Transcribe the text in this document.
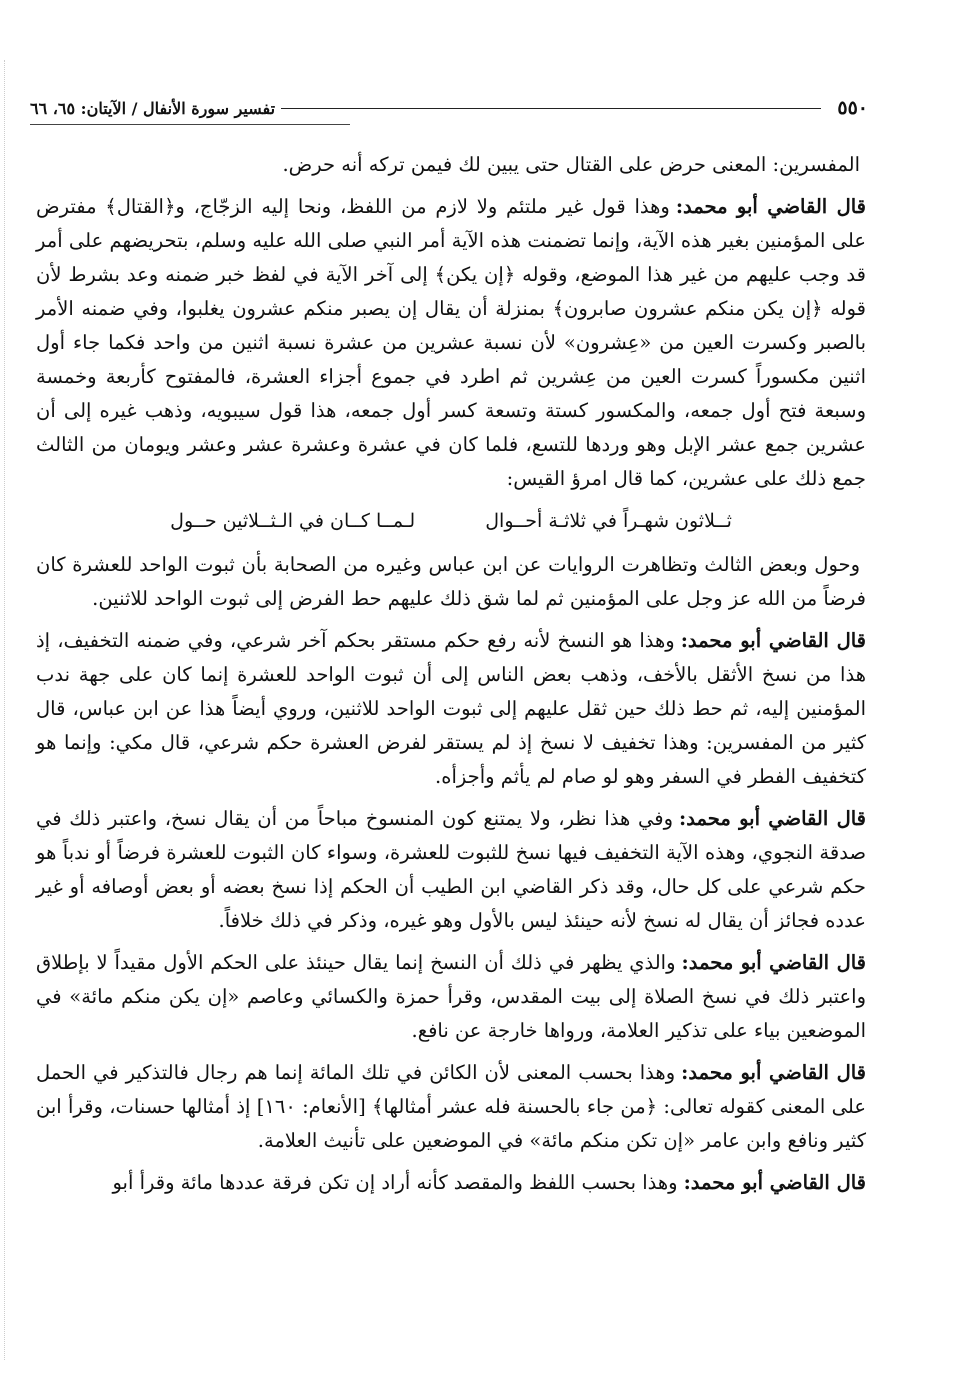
٥٥٠
تفسير سورة الأنفال / الآيتان: ٦٥، ٦٦

المفسرين: المعنى حرض على القتال حتى يبين لك فيمن تركه أنه حرض.

قال القاضي أبو محمد:وهذا قول غير ملتئم ولا لازم من اللفظ، ونحا إليه الزجّاج، و﴿القتال﴾ مفترض على المؤمنين بغير هذه الآية، وإنما تضمنت هذه الآية أمر النبي صلى الله عليه وسلم، بتحريضهم على أمر قد وجب عليهم من غير هذا الموضع، وقوله ﴿إن يكن﴾ إلى آخر الآية في لفظ خبر ضمنه وعد بشرط لأن قوله ﴿إن يكن منكم عشرون صابرون﴾ بمنزلة أن يقال إن يصبر منكم عشرون يغلبوا، وفي ضمنه الأمر بالصبر وكسرت العين من «عِشرون» لأن نسبة عشرين من عشرة نسبة اثنين من واحد فكما جاء أول اثنين مكسوراً كسرت العين من عِشرين ثم اطرد في جموع أجزاء العشرة، فالمفتوح كأربعة وخمسة وسبعة فتح أول جمعه، والمكسور كستة وتسعة كسر أول جمعه، هذا قول سيبويه، وذهب غيره إلى أن عشرين جمع عشر الإبل وهو وردها للتسع، فلما كان في عشرة وعشرة عشر وعشر ويومان من الثالث جمع ذلك على عشرين، كما قال امرؤ القيس:

ثــلاثون شهـراً في ثلاثـة أحــوال
لـمــا كــان في الـثــلاثين حــول

وحول وبعض الثالث وتظاهرت الروايات عن ابن عباس وغيره من الصحابة بأن ثبوت الواحد للعشرة كان فرضاً من الله عز وجل على المؤمنين ثم لما شق ذلك عليهم حط الفرض إلى ثبوت الواحد للاثنين.

قال القاضي أبو محمد:وهذا هو النسخ لأنه رفع حكم مستقر بحكم آخر شرعي، وفي ضمنه التخفيف، إذ هذا من نسخ الأثقل بالأخف، وذهب بعض الناس إلى أن ثبوت الواحد للعشرة إنما كان على جهة ندب المؤمنين إليه، ثم حط ذلك حين ثقل عليهم إلى ثبوت الواحد للاثنين، وروي أيضاً هذا عن ابن عباس، قال كثير من المفسرين: وهذا تخفيف لا نسخ إذ لم يستقر لفرض العشرة حكم شرعي، قال مكي: وإنما هو كتخفيف الفطر في السفر وهو لو صام لم يأثم وأجزأه.

قال القاضي أبو محمد:وفي هذا نظر، ولا يمتنع كون المنسوخ مباحاً من أن يقال نسخ، واعتبر ذلك في صدقة النجوي، وهذه الآية التخفيف فيها نسخ للثبوت للعشرة، وسواء كان الثبوت للعشرة فرضاً أو ندباً هو حكم شرعي على كل حال، وقد ذكر القاضي ابن الطيب أن الحكم إذا نسخ بعضه أو بعض أوصافه أو غير عدده فجائز أن يقال له نسخ لأنه حينئذ ليس بالأول وهو غيره، وذكر في ذلك خلافاً.

قال القاضي أبو محمد:والذي يظهر في ذلك أن النسخ إنما يقال حينئذ على الحكم الأول مقيداً لا بإطلاق واعتبر ذلك في نسخ الصلاة إلى بيت المقدس، وقرأ حمزة والكسائي وعاصم «إن يكن منكم مائة» في الموضعين بياء على تذكير العلامة، ورواها خارجة عن نافع.

قال القاضي أبو محمد:وهذا بحسب المعنى لأن الكائن في تلك المائة إنما هم رجال فالتذكير في الحمل على المعنى كقوله تعالى: ﴿من جاء بالحسنة فله عشر أمثالها﴾ [الأنعام: ١٦٠] إذ أمثالها حسنات، وقرأ ابن كثير ونافع وابن عامر «إن تكن منكم مائة» في الموضعين على تأنيث العلامة.

قال القاضي أبو محمد:وهذا بحسب اللفظ والمقصد كأنه أراد إن تكن فرقة عددها مائة وقرأ أبو
